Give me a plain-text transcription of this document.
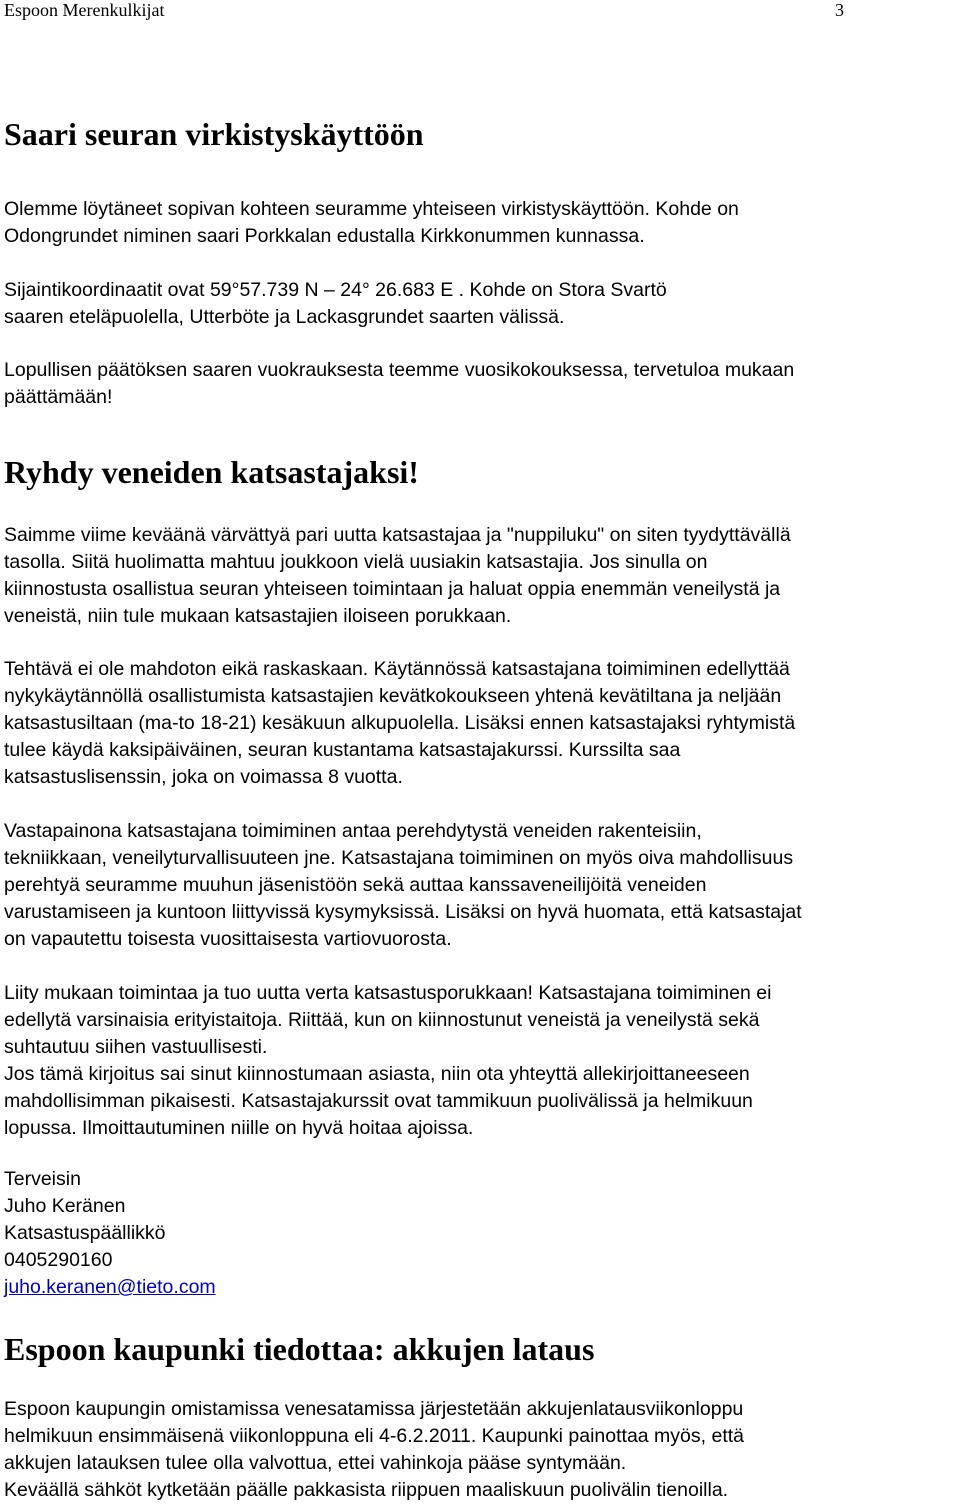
Espoon Merenkulkijat	3
Saari seuran virkistyskäyttöön

Olemme löytäneet sopivan kohteen seuramme yhteiseen virkistyskäyttöön. Kohde on
Odongrundet niminen saari Porkkalan edustalla Kirkkonummen kunnassa.

Sijaintikoordinaatit ovat 59°57.739 N – 24° 26.683 E . Kohde on Stora Svartö
saaren eteläpuolella, Utterböte ja Lackasgrundet saarten välissä.

Lopullisen päätöksen saaren vuokrauksesta teemme vuosikokouksessa, tervetuloa mukaan
päättämään!

Ryhdy veneiden katsastajaksi!

Saimme viime keväänä värvättyä pari uutta katsastajaa ja "nuppiluku" on siten tyydyttävällä
tasolla. Siitä huolimatta mahtuu joukkoon vielä uusiakin katsastajia. Jos sinulla on
kiinnostusta osallistua seuran yhteiseen toimintaan ja haluat oppia enemmän veneilystä ja
veneistä, niin tule mukaan katsastajien iloiseen porukkaan.

Tehtävä ei ole mahdoton eikä raskaskaan. Käytännössä katsastajana toimiminen edellyttää
nykykäytännöllä osallistumista katsastajien kevätkokoukseen yhtenä kevätiltana ja neljään
katsastusiltaan (ma-to 18-21) kesäkuun alkupuolella. Lisäksi ennen katsastajaksi ryhtymistä
tulee käydä kaksipäiväinen, seuran kustantama katsastajakurssi. Kurssilta saa
katsastuslisenssin, joka on voimassa 8 vuotta.

Vastapainona katsastajana toimiminen antaa perehdytystä veneiden rakenteisiin,
tekniikkaan, veneilyturvallisuuteen jne. Katsastajana toimiminen on myös oiva mahdollisuus
perehtyä seuramme muuhun jäsenistöön sekä auttaa kanssaveneilijöitä veneiden
varustamiseen ja kuntoon liittyvissä kysymyksissä. Lisäksi on hyvä huomata, että katsastajat
on vapautettu toisesta vuosittaisesta vartiovuorosta.

Liity mukaan toimintaa ja tuo uutta verta katsastusporukkaan! Katsastajana toimiminen ei
edellytä varsinaisia erityistaitoja. Riittää, kun on kiinnostunut veneistä ja veneilystä sekä
suhtautuu siihen vastuullisesti.
Jos tämä kirjoitus sai sinut kiinnostumaan asiasta, niin ota yhteyttä allekirjoittaneeseen
mahdollisimman pikaisesti. Katsastajakurssit ovat tammikuun puolivälissä ja helmikuun
lopussa. Ilmoittautuminen niille on hyvä hoitaa ajoissa.

Terveisin
Juho Keränen
Katsastuspäällikkö
0405290160
juho.keranen@tieto.com
Espoon kaupunki tiedottaa: akkujen lataus

Espoon kaupungin omistamissa venesatamissa järjestetään akkujenlatausviikonloppu
helmikuun ensimmäisenä viikonloppuna eli 4-6.2.2011. Kaupunki painottaa myös, että
akkujen latauksen tulee olla valvottua, ettei vahinkoja pääse syntymään.
Keväällä sähköt kytketään päälle pakkasista riippuen maaliskuun puolivälin tienoilla.
